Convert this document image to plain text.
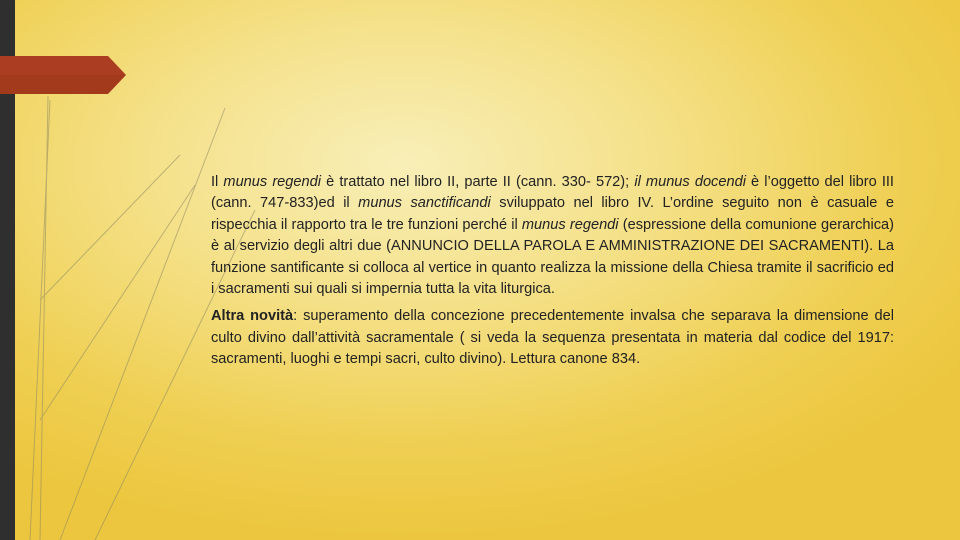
Il munus regendi è trattato nel libro II, parte II (cann. 330- 572); il munus docendi è l’oggetto del libro III (cann. 747-833)ed il munus sanctificandi sviluppato nel libro IV. L’ordine seguito non è casuale e rispecchia il rapporto tra le tre funzioni perché il munus regendi (espressione della comunione gerarchica) è al servizio degli altri due (ANNUNCIO DELLA PAROLA E AMMINISTRAZIONE DEI SACRAMENTI). La funzione santificante si colloca al vertice in quanto realizza la missione della Chiesa tramite il sacrificio ed i sacramenti sui quali si impernia tutta la vita liturgica.

Altra novità: superamento della concezione precedentemente invalsa che separava la dimensione del culto divino dall’attività sacramentale ( si veda la sequenza presentata in materia dal codice del 1917: sacramenti, luoghi e tempi sacri, culto divino). Lettura canone 834.
